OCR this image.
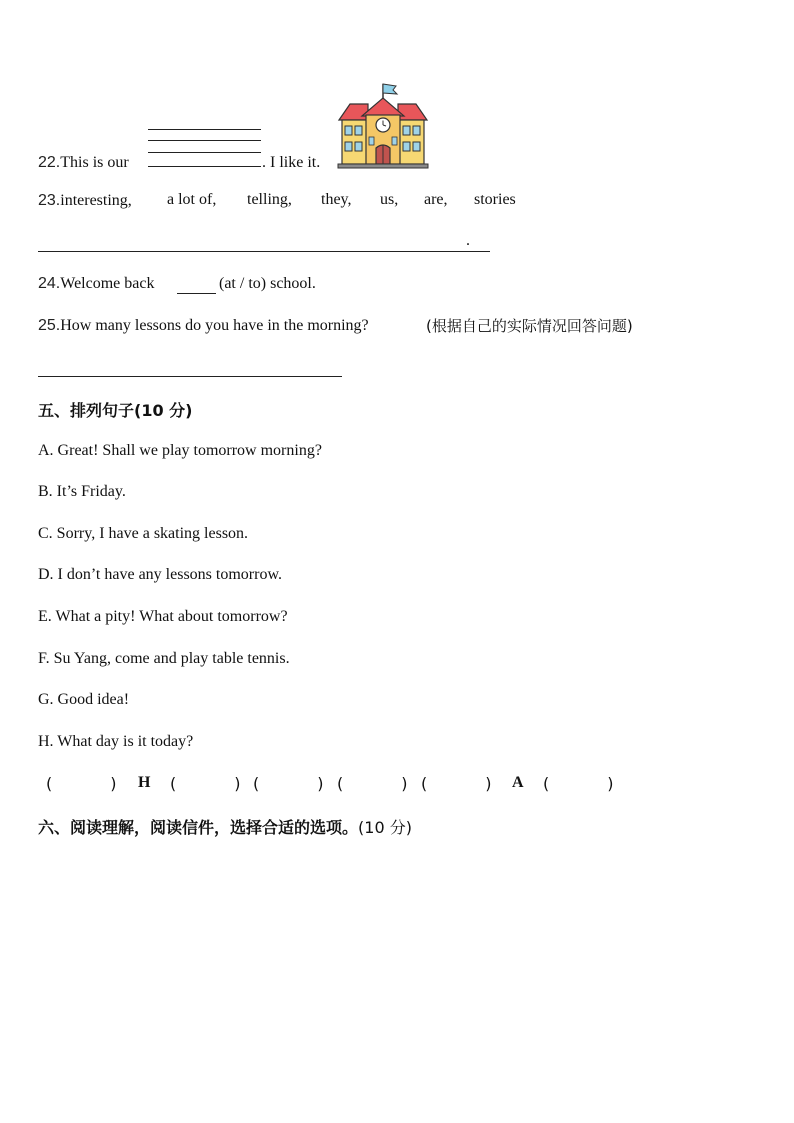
22.This is our	. I like it.
23.interesting, a lot of, telling, they, us, are, stories
.
24.Welcome back	(at / to) school.
25.How many lessons do you have in the morning?	(根据自己的实际情况回答问题)
五、排列句子(10 分)
A. Great! Shall we play tomorrow morning?
B. It’s Friday.
C. Sorry, I have a skating lesson.
D. I don’t have any lessons tomorrow.
E. What a pity! What about tomorrow?
F. Su Yang, come and play table tennis.
G. Good idea!
H. What day is it today?
(	) H (	) (	) (	) (	) A (	)
六、阅读理解，阅读信件，选择合适的选项。(10 分)
